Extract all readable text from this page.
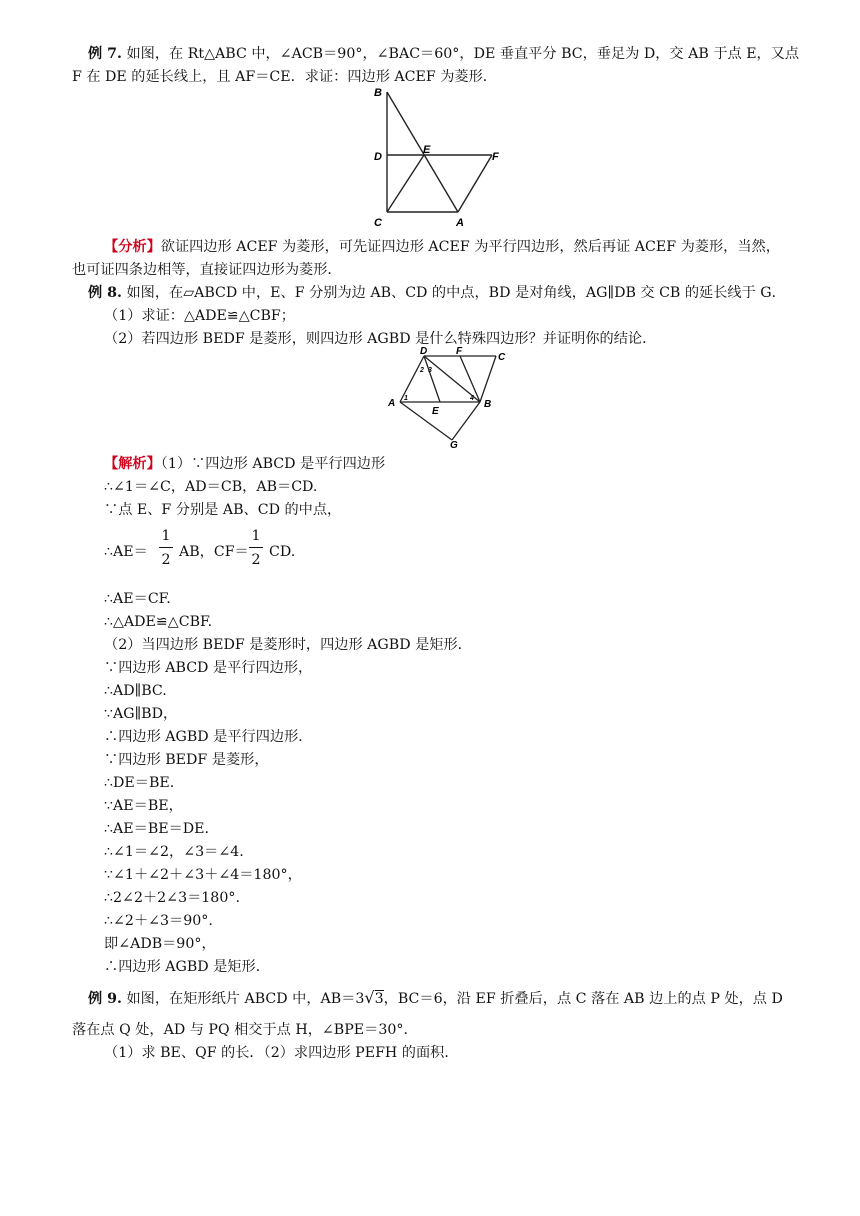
例 7. 如图，在 Rt△ABC 中，∠ACB＝90°，∠BAC＝60°，DE 垂直平分 BC，垂足为 D，交 AB 于点 E，又点
F 在 DE 的延长线上，且 AF＝CE．求证：四边形 ACEF 为菱形．
B
D
E
F
C	A
【分析】欲证四边形 ACEF 为菱形，可先证四边形 ACEF 为平行四边形，然后再证 ACEF 为菱形，当然，
也可证四条边相等，直接证四边形为菱形．
例 8. 如图，在▱ABCD 中，E、F 分别为边 AB、CD 的中点，BD 是对角线，AG∥DB 交 CB 的延长线于 G．
（1）求证：△ADE≌△CBF；
（2）若四边形 BEDF 是菱形，则四边形 AGBD 是什么特殊四边形？并证明你的结论．
D	F
C
A
E
B
G
1
2 3
4
【解析】（1）∵四边形 ABCD 是平行四边形
∴∠1＝∠C，AD＝CB，AB＝CD.
∵点 E、F 分别是 AB、CD 的中点，
∴AE＝
1
2 AB，CF＝
1
2 CD.
∴AE＝CF.
∴△ADE≌△CBF.
（2）当四边形 BEDF 是菱形时，四边形 AGBD 是矩形．
∵四边形 ABCD 是平行四边形，
∴AD∥BC.
∵AG∥BD，
∴四边形 AGBD 是平行四边形．
∵四边形 BEDF 是菱形，
∴DE＝BE.
∵AE＝BE，
∴AE＝BE＝DE.
∴∠1＝∠2，∠3＝∠4.
∵∠1＋∠2＋∠3＋∠4＝180°，
∴2∠2＋2∠3＝180°.
∴∠2＋∠3＝90°.
即∠ADB＝90°，
∴四边形 AGBD 是矩形．
例 9. 如图，在矩形纸片 ABCD 中，AB＝3√3，BC＝6，沿 EF 折叠后，点 C 落在 AB 边上的点 P 处，点 D
落在点 Q 处，AD 与 PQ 相交于点 H，∠BPE＝30°．
（1）求 BE、QF 的长．（2）求四边形 PEFH 的面积．
